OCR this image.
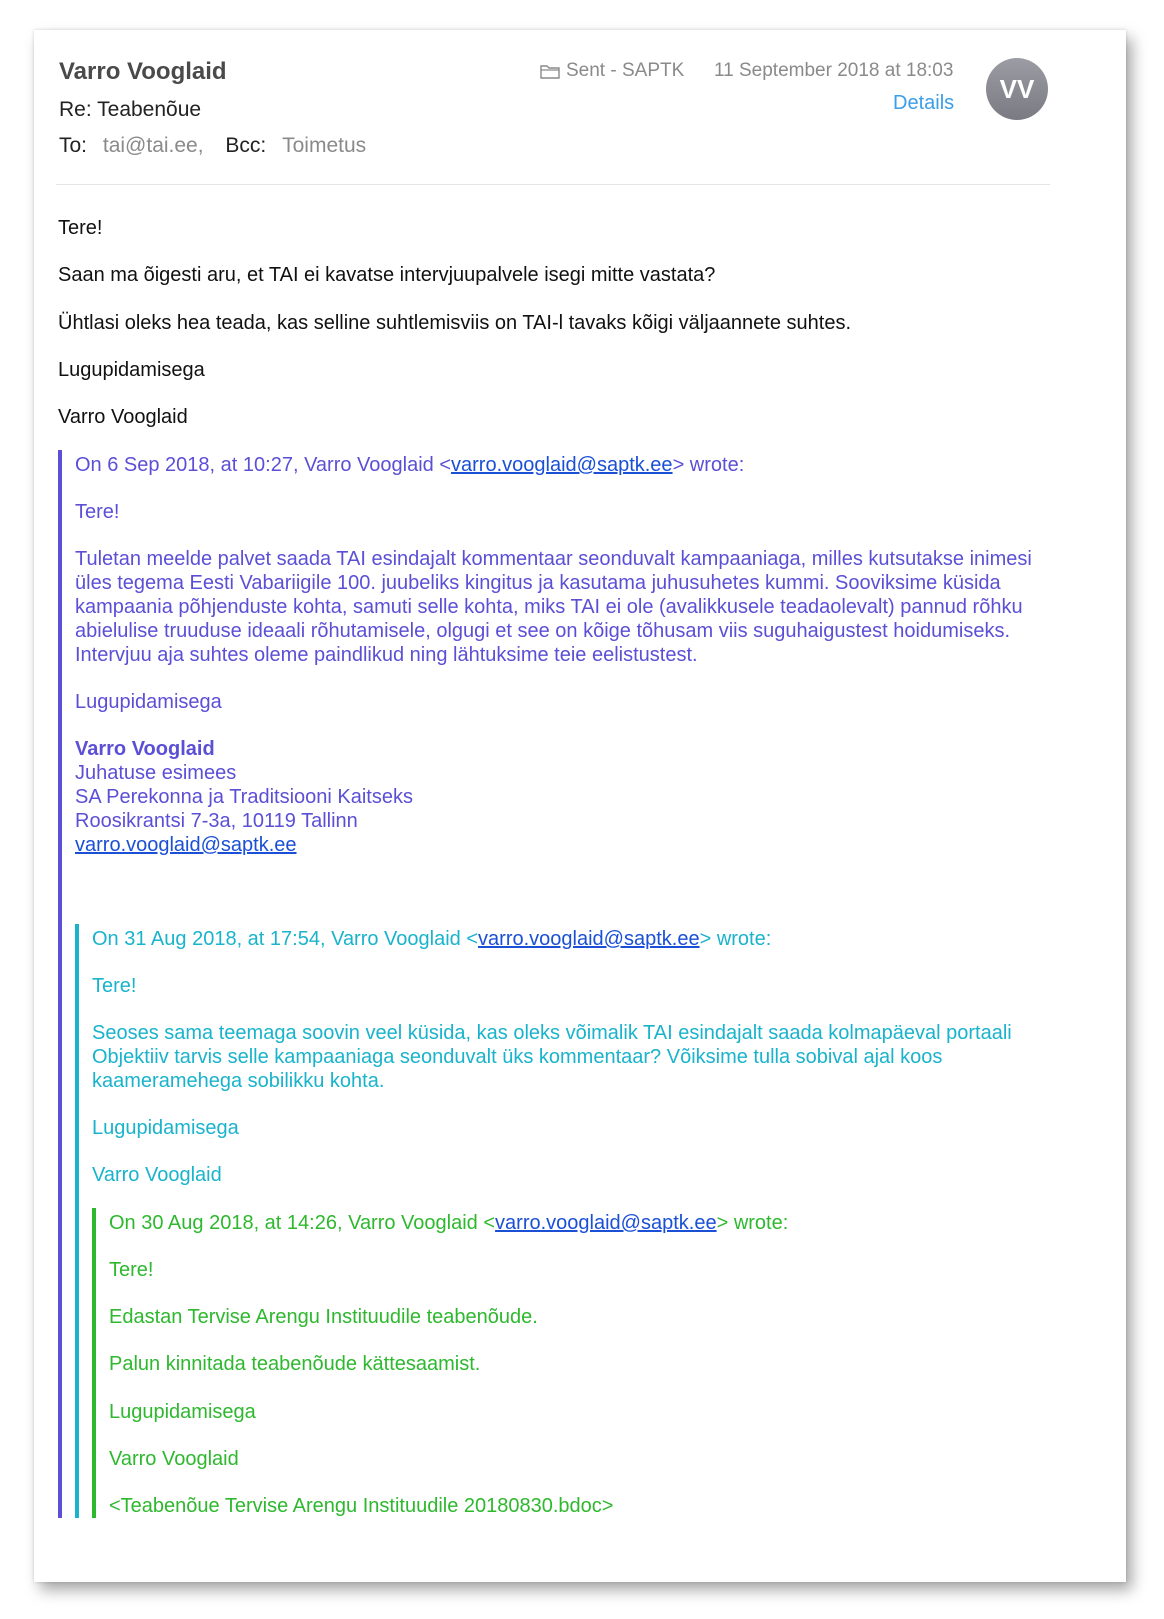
Varro Vooglaid
Re: Teabenõue
To: tai@tai.ee, Bcc: Toimetus
Sent - SAPTK 11 September 2018 at 18:03
Details	VV
Tere!
Saan ma õigesti aru, et TAI ei kavatse intervjuupalvele isegi mitte vastata?
Ühtlasi oleks hea teada, kas selline suhtlemisviis on TAI-l tavaks kõigi väljaannete suhtes.
Lugupidamisega
Varro Vooglaid
On 6 Sep 2018, at 10:27, Varro Vooglaid <varro.vooglaid@saptk.ee> wrote:
Tere!
Tuletan meelde palvet saada TAI esindajalt kommentaar seonduvalt kampaaniaga, milles kutsutakse inimesi
üles tegema Eesti Vabariigile 100. juubeliks kingitus ja kasutama juhusuhetes kummi. Sooviksime küsida
kampaania põhjenduste kohta, samuti selle kohta, miks TAI ei ole (avalikkusele teadaolevalt) pannud rõhku
abielulise truuduse ideaali rõhutamisele, olgugi et see on kõige tõhusam viis suguhaigustest hoidumiseks.
Intervjuu aja suhtes oleme paindlikud ning lähtuksime teie eelistustest.
Lugupidamisega
Varro Vooglaid
Juhatuse esimees
SA Perekonna ja Traditsiooni Kaitseks
Roosikrantsi 7-3a, 10119 Tallinn
varro.vooglaid@saptk.ee
On 31 Aug 2018, at 17:54, Varro Vooglaid <varro.vooglaid@saptk.ee> wrote:
Tere!
Seoses sama teemaga soovin veel küsida, kas oleks võimalik TAI esindajalt saada kolmapäeval portaali
Objektiiv tarvis selle kampaaniaga seonduvalt üks kommentaar? Võiksime tulla sobival ajal koos
kaameramehega sobilikku kohta.
Lugupidamisega
Varro Vooglaid
On 30 Aug 2018, at 14:26, Varro Vooglaid <varro.vooglaid@saptk.ee> wrote:
Tere!
Edastan Tervise Arengu Instituudile teabenõude.
Palun kinnitada teabenõude kättesaamist.
Lugupidamisega
Varro Vooglaid
<Teabenõue Tervise Arengu Instituudile 20180830.bdoc>
